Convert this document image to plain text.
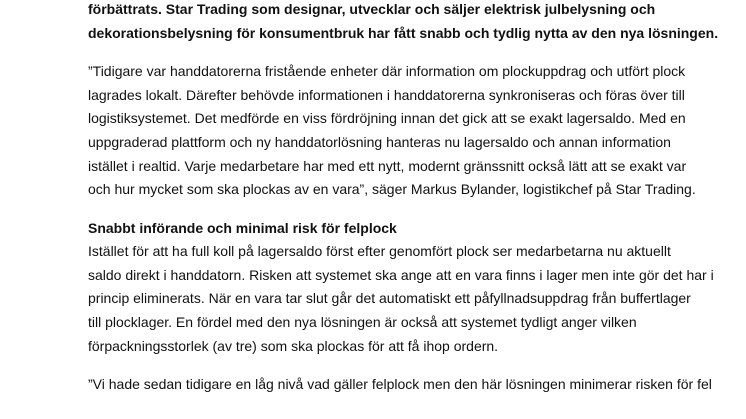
förbättrats. Star Trading som designar, utvecklar och säljer elektrisk julbelysning och

dekorationsbelysning för konsumentbruk har fått snabb och tydlig nytta av den nya lösningen.

”Tidigare var handdatorerna fristående enheter där information om plockuppdrag och utfört plock

lagrades lokalt. Därefter behövde informationen i handdatorerna synkroniseras och föras över till

logistiksystemet. Det medförde en viss fördröjning innan det gick att se exakt lagersaldo. Med en

uppgraderad plattform och ny handdatorlösning hanteras nu lagersaldo och annan information

istället i realtid. Varje medarbetare har med ett nytt, modernt gränssnitt också lätt att se exakt var

och hur mycket som ska plockas av en vara”, säger Markus Bylander, logistikchef på Star Trading.

Snabbt införande och minimal risk för felplock

Istället för att ha full koll på lagersaldo först efter genomfört plock ser medarbetarna nu aktuellt

saldo direkt i handdatorn. Risken att systemet ska ange att en vara finns i lager men inte gör det har i

princip eliminerats. När en vara tar slut går det automatiskt ett påfyllnadsuppdrag från buffertlager

till plocklager. En fördel med den nya lösningen är också att systemet tydligt anger vilken

förpackningsstorlek (av tre) som ska plockas för att få ihop ordern.

”Vi hade sedan tidigare en låg nivå vad gäller felplock men den här lösningen minimerar risken för fel
